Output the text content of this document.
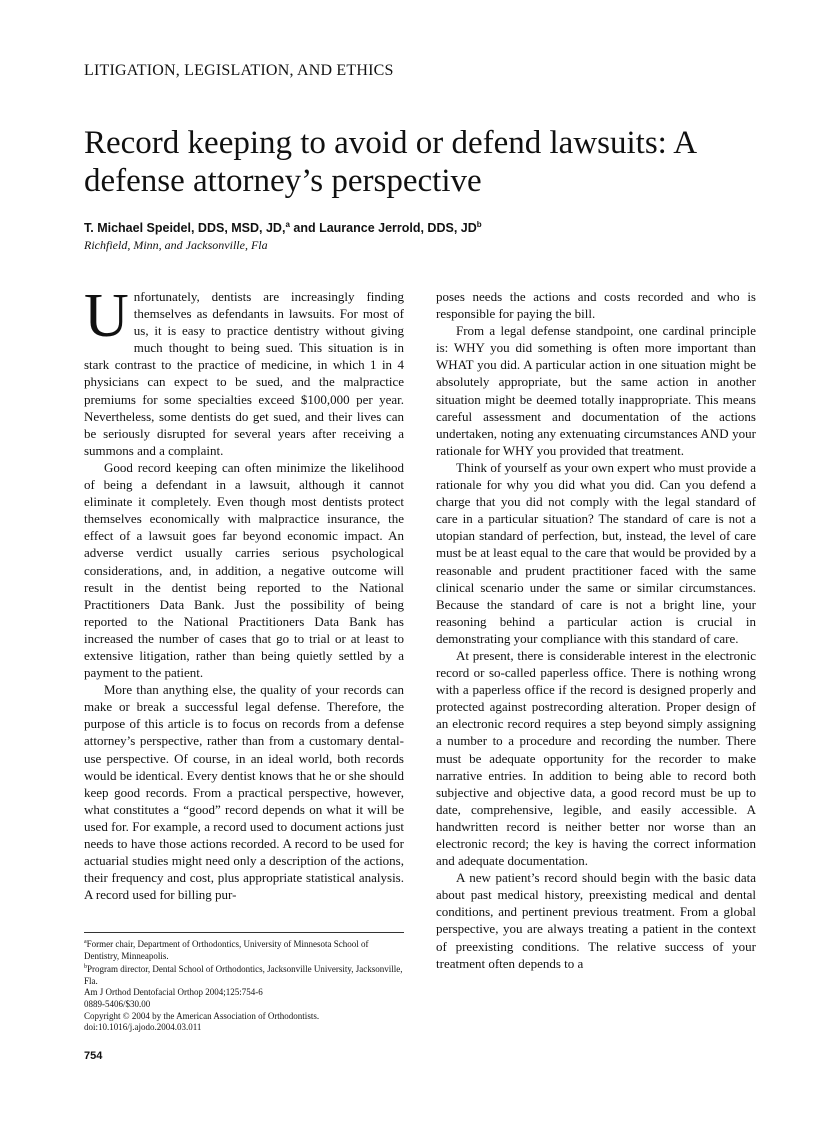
LITIGATION, LEGISLATION, AND ETHICS
Record keeping to avoid or defend lawsuits: A defense attorney’s perspective
T. Michael Speidel, DDS, MSD, JD,$^a$ and Laurance Jerrold, DDS, $JD^b$
Richfield, Minn, and Jacksonville, Fla

Unfortunately, dentists are increasingly finding themselves as defendants in lawsuits. For most of us, it is easy to practice dentistry without giving much thought to being sued. This situation is in stark contrast to the practice of medicine, in which 1 in 4 physicians can expect to be sued, and the malpractice premiums for some specialties exceed $100,000 per year. Nevertheless, some dentists do get sued, and their lives can be seriously disrupted for several years after receiving a summons and a complaint.

Good record keeping can often minimize the likelihood of being a defendant in a lawsuit, although it cannot eliminate it completely. Even though most dentists protect themselves economically with malpractice insurance, the effect of a lawsuit goes far beyond economic impact. An adverse verdict usually carries serious psychological considerations, and, in addition, a negative outcome will result in the dentist being reported to the National Practitioners Data Bank. Just the possibility of being reported to the National Practitioners Data Bank has increased the number of cases that go to trial or at least to extensive litigation, rather than being quietly settled by a payment to the patient.

More than anything else, the quality of your records can make or break a successful legal defense. Therefore, the purpose of this article is to focus on records from a defense attorney’s perspective, rather than from a customary dental-use perspective. Of course, in an ideal world, both records would be identical. Every dentist knows that he or she should keep good records. From a practical perspective, however, what constitutes a “good” record depends on what it will be used for. For example, a record used to document actions just needs to have those actions recorded. A record to be used for actuarial studies might need only a description of the actions, their frequency and cost, plus appropriate statistical analysis. A record used for billing pur-

poses needs the actions and costs recorded and who is responsible for paying the bill.

From a legal defense standpoint, one cardinal principle is: WHY you did something is often more important than WHAT you did. A particular action in one situation might be absolutely appropriate, but the same action in another situation might be deemed totally inappropriate. This means careful assessment and documentation of the actions undertaken, noting any extenuating circumstances AND your rationale for WHY you provided that treatment.

Think of yourself as your own expert who must provide a rationale for why you did what you did. Can you defend a charge that you did not comply with the legal standard of care in a particular situation? The standard of care is not a utopian standard of perfection, but, instead, the level of care must be at least equal to the care that would be provided by a reasonable and prudent practitioner faced with the same clinical scenario under the same or similar circumstances. Because the standard of care is not a bright line, your reasoning behind a particular action is crucial in demonstrating your compliance with this standard of care.

At present, there is considerable interest in the electronic record or so-called paperless office. There is nothing wrong with a paperless office if the record is designed properly and protected against postrecording alteration. Proper design of an electronic record requires a step beyond simply assigning a number to a procedure and recording the number. There must be adequate opportunity for the recorder to make narrative entries. In addition to being able to record both subjective and objective data, a good record must be up to date, comprehensive, legible, and easily accessible. A handwritten record is neither better nor worse than an electronic record; the key is having the correct information and adequate documentation.

A new patient’s record should begin with the basic data about past medical history, preexisting medical and dental conditions, and pertinent previous treatment. From a global perspective, you are always treating a patient in the context of preexisting conditions. The relative success of your treatment often depends to a

$^a$Former chair, Department of Orthodontics, University of Minnesota School of Dentistry, Minneapolis.
$^b$Program director, Dental School of Orthodontics, Jacksonville University, Jacksonville, Fla.
Am J Orthod Dentofacial Orthop 2004;125:754-6
0889-5406/$30.00
Copyright © 2004 by the American Association of Orthodontists.
doi:10.1016/j.ajodo.2004.03.011
754
